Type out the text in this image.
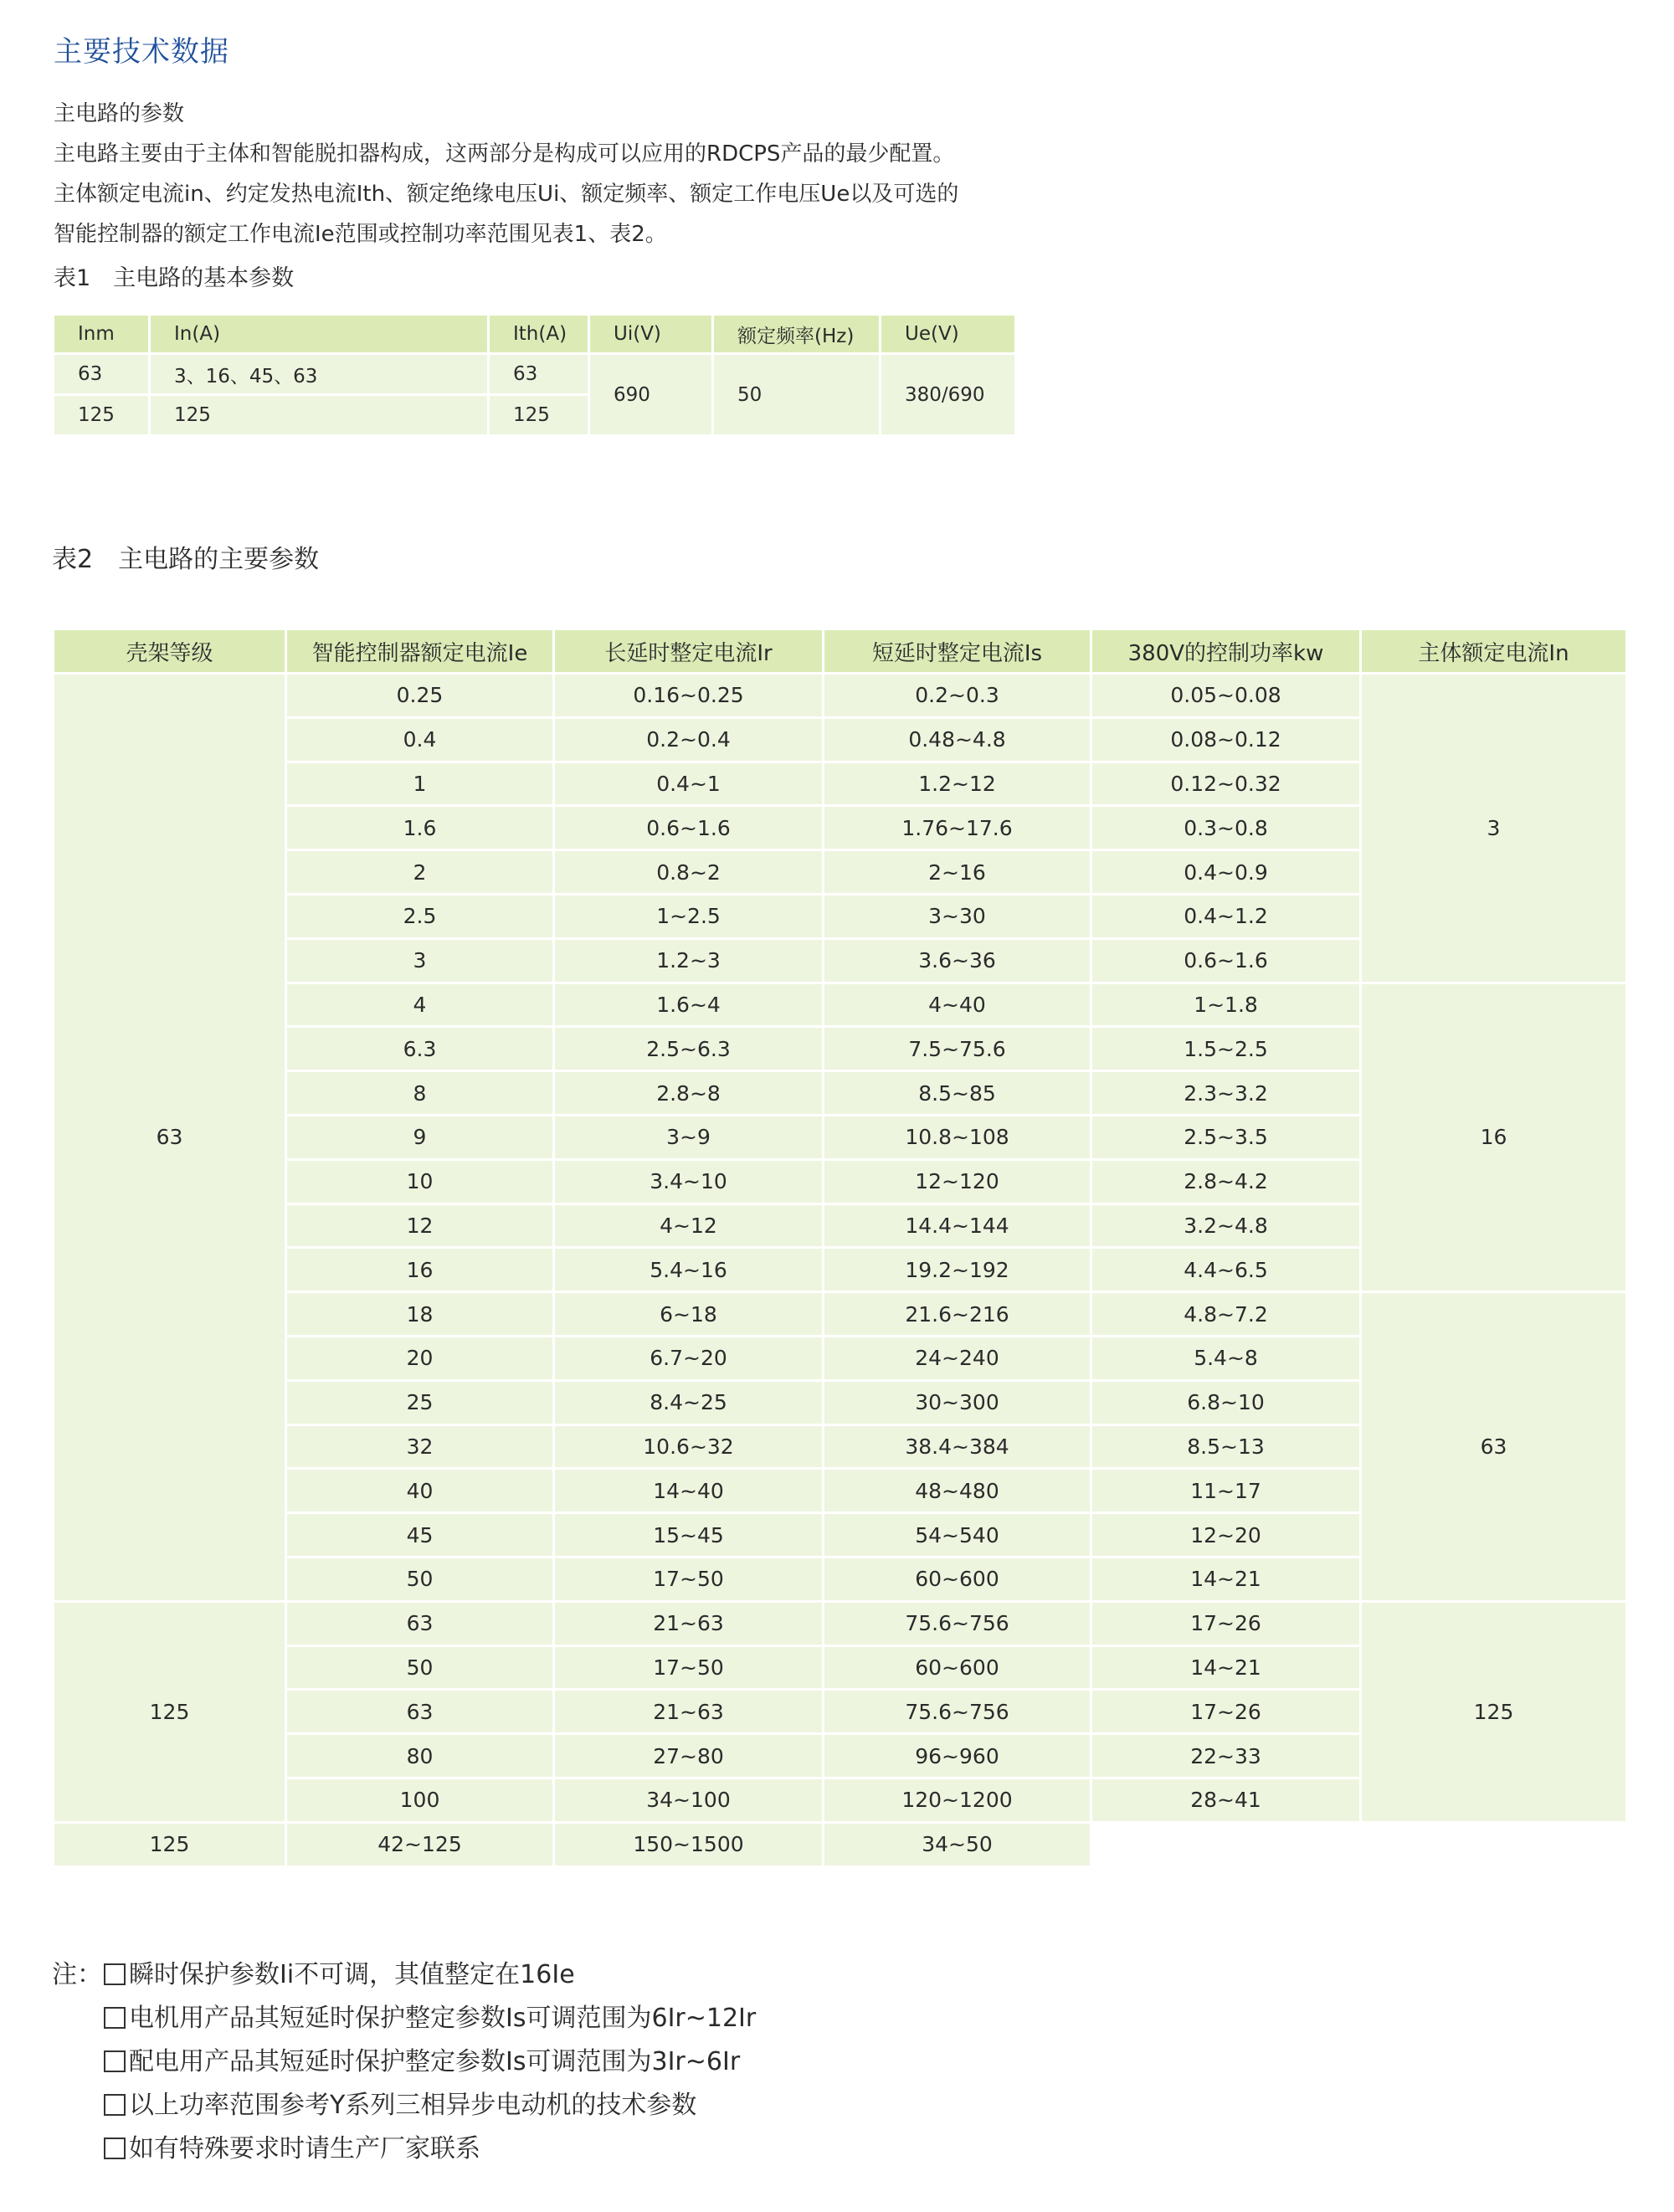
主要技术数据
主电路的参数
主电路主要由于主体和智能脱扣器构成，这两部分是构成可以应用的RDCPS产品的最少配置。
主体额定电流in、约定发热电流Ith、额定绝缘电压Ui、额定频率、额定工作电压Ue以及可选的
智能控制器的额定工作电流Ie范围或控制功率范围见表1、表2。
表1　主电路的基本参数
Inm	In(A)	Ith(A)	Ui(V)	额定频率(Hz)	Ue(V)
63	3、16、45、63	63	690	50	380/690
125	125	125			
表2　主电路的主要参数
壳架等级	智能控制器额定电流Ie	长延时整定电流Ir	短延时整定电流Is	380V的控制功率kw	主体额定电流In
63	0.25	0.16~0.25	0.2~0.3	0.05~0.08	3
	0.4	0.2~0.4	0.48~4.8	0.08~0.12	
	1	0.4~1	1.2~12	0.12~0.32	
	1.6	0.6~1.6	1.76~17.6	0.3~0.8	
	2	0.8~2	2~16	0.4~0.9	
	2.5	1~2.5	3~30	0.4~1.2	
	3	1.2~3	3.6~36	0.6~1.6	
	4	1.6~4	4~40	1~1.8	16
	6.3	2.5~6.3	7.5~75.6	1.5~2.5	
	8	2.8~8	8.5~85	2.3~3.2	
	9	3~9	10.8~108	2.5~3.5	
	10	3.4~10	12~120	2.8~4.2	
	12	4~12	14.4~144	3.2~4.8	
	16	5.4~16	19.2~192	4.4~6.5	
	18	6~18	21.6~216	4.8~7.2	63
	20	6.7~20	24~240	5.4~8	
	25	8.4~25	30~300	6.8~10	
	32	10.6~32	38.4~384	8.5~13	
	40	14~40	48~480	11~17	
	45	15~45	54~540	12~20	
	50	17~50	60~600	14~21	
125	63	21~63	75.6~756	17~26	125
	50	17~50	60~600	14~21	
	63	21~63	75.6~756	17~26	
	80	27~80	96~960	22~33	
	100	34~100	120~1200	28~41	
125	42~125	150~1500	34~50		
注： 瞬时保护参数Ii不可调，其值整定在16Ie
电机用产品其短延时保护整定参数Is可调范围为6Ir~12Ir
配电用产品其短延时保护整定参数Is可调范围为3Ir~6Ir
以上功率范围参考Y系列三相异步电动机的技术参数
如有特殊要求时请生产厂家联系
